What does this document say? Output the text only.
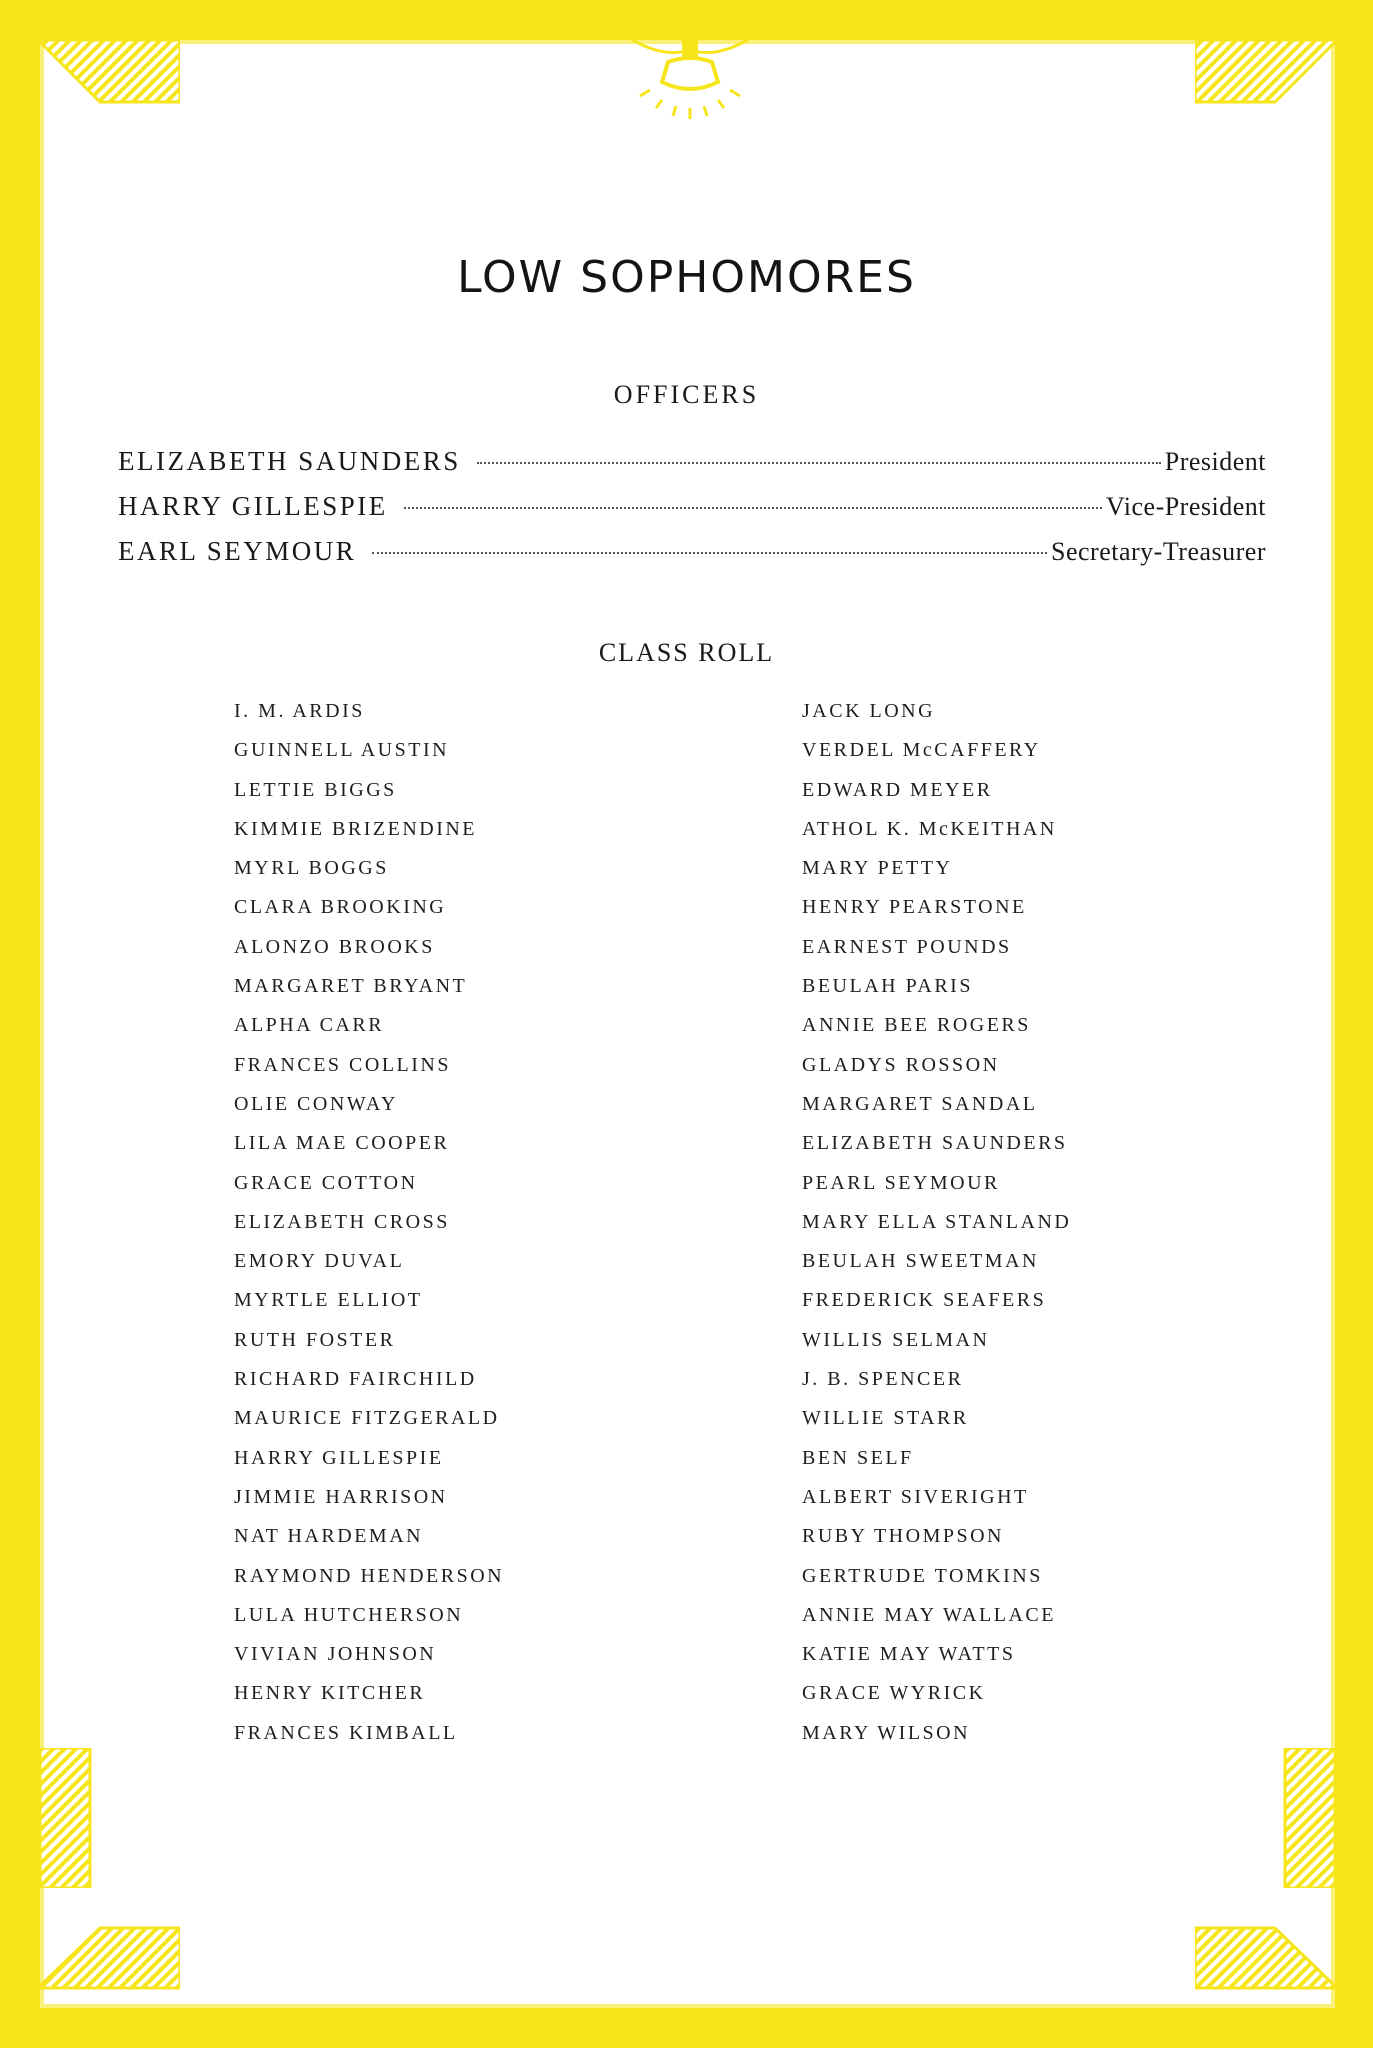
LOW SOPHOMORES
OFFICERS
ELIZABETH SAUNDERS	President
HARRY GILLESPIE	Vice-President
EARL SEYMOUR	Secretary-Treasurer
CLASS ROLL
I. M. ARDIS
GUINNELL AUSTIN
LETTIE BIGGS
KIMMIE BRIZENDINE
MYRL BOGGS
CLARA BROOKING
ALONZO BROOKS
MARGARET BRYANT
ALPHA CARR
FRANCES COLLINS
OLIE CONWAY
LILA MAE COOPER
GRACE COTTON
ELIZABETH CROSS
EMORY DUVAL
MYRTLE ELLIOT
RUTH FOSTER
RICHARD FAIRCHILD
MAURICE FITZGERALD
HARRY GILLESPIE
JIMMIE HARRISON
NAT HARDEMAN
RAYMOND HENDERSON
LULA HUTCHERSON
VIVIAN JOHNSON
HENRY KITCHER
FRANCES KIMBALL
JACK LONG
VERDEL McCAFFERY
EDWARD MEYER
ATHOL K. McKEITHAN
MARY PETTY
HENRY PEARSTONE
EARNEST POUNDS
BEULAH PARIS
ANNIE BEE ROGERS
GLADYS ROSSON
MARGARET SANDAL
ELIZABETH SAUNDERS
PEARL SEYMOUR
MARY ELLA STANLAND
BEULAH SWEETMAN
FREDERICK SEAFERS
WILLIS SELMAN
J. B. SPENCER
WILLIE STARR
BEN SELF
ALBERT SIVERIGHT
RUBY THOMPSON
GERTRUDE TOMKINS
ANNIE MAY WALLACE
KATIE MAY WATTS
GRACE WYRICK
MARY WILSON
